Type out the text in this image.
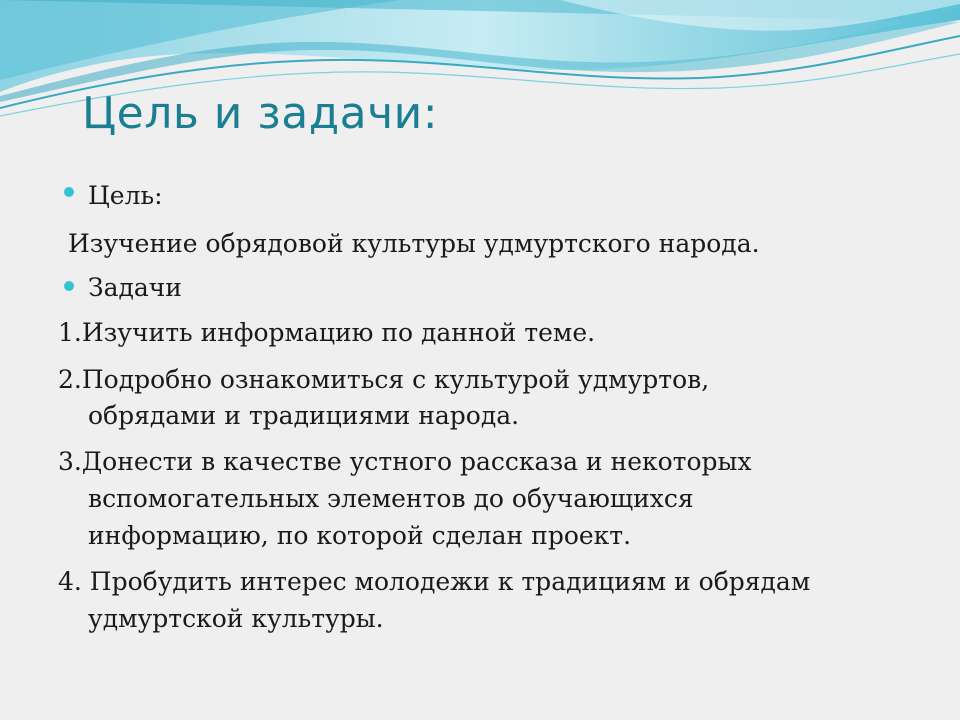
Цель и задачи:
Цель:
Изучение обрядовой культуры удмуртского народа.
Задачи
1.Изучить информацию по данной теме.
2.Подробно ознакомиться с культурой удмуртов,
обрядами и традициями народа.
3.Донести в качестве устного рассказа и некоторых
вспомогательных элементов до обучающихся
информацию, по которой сделан проект.
4. Пробудить интерес молодежи к традициям и обрядам
удмуртской культуры.
